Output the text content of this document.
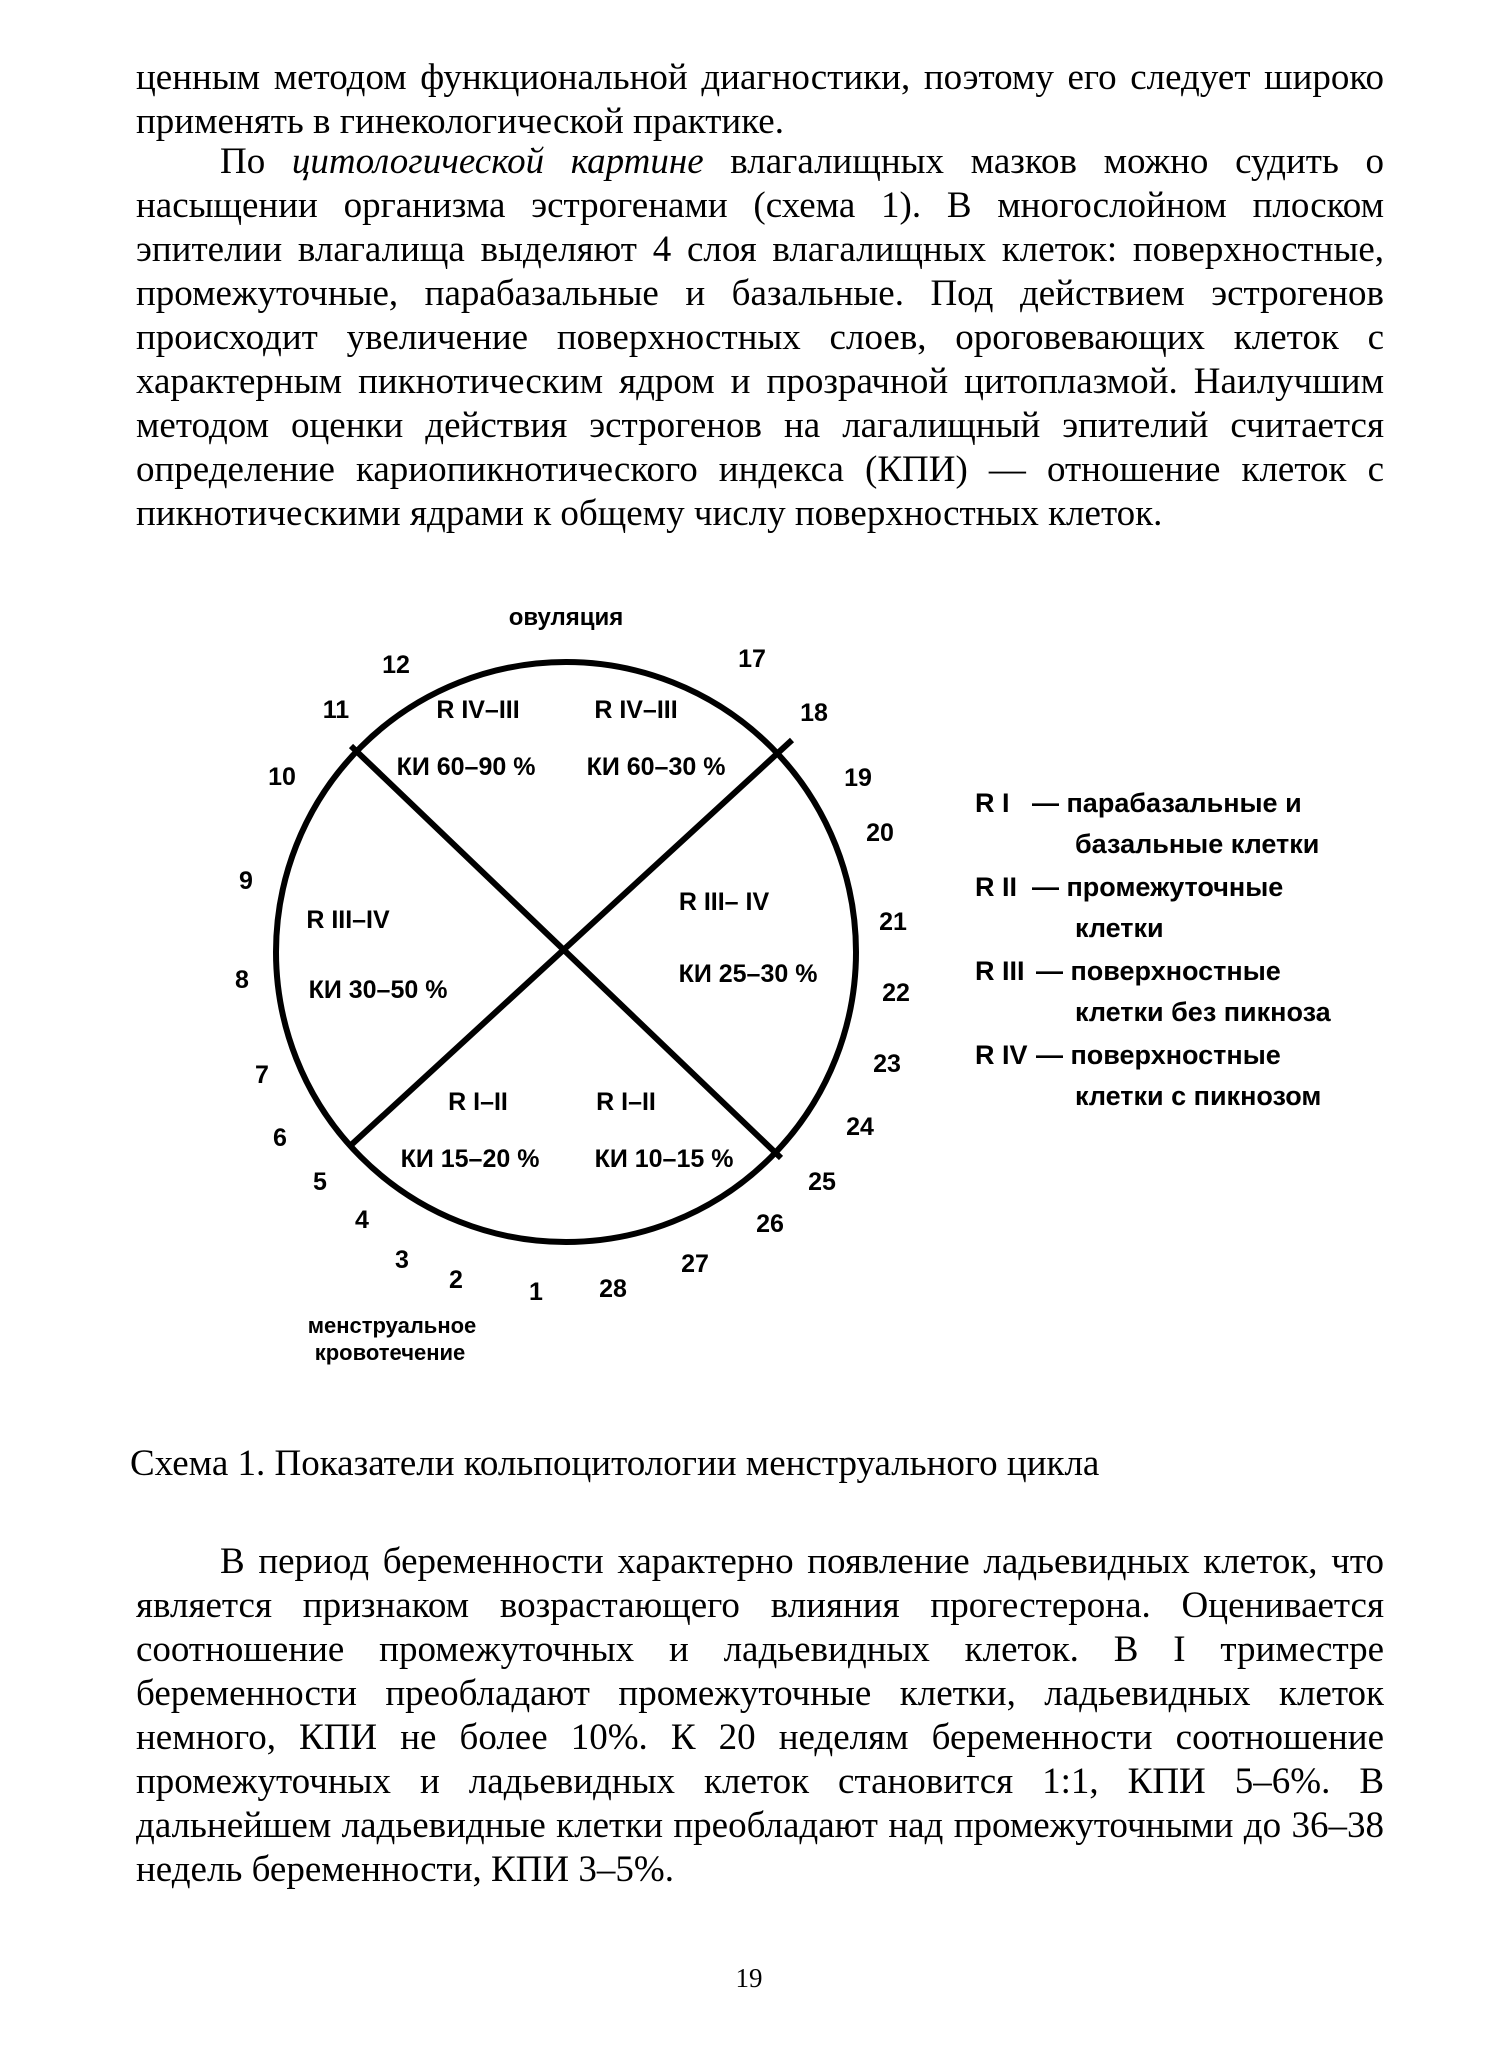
ценным методом функциональной диагностики, поэтому его следует широко применять в гинекологической практике.

По цитологической картине влагалищных мазков можно судить о насыщении организма эстрогенами (схема 1). В многослойном плоском эпителии влагалища выделяют 4 слоя влагалищных клеток: поверхностные, промежуточные, парабазальные и базальные. Под действием эстрогенов происходит увеличение поверхностных слоев, ороговевающих клеток с характерным пикнотическим ядром и прозрачной цитоплазмой. Наилучшим методом оценки действия эстрогенов на лагалищный эпителий считается определение кариопикнотического индекса (КПИ) — отношение клеток с пикнотическими ядрами к общему числу поверхностных клеток.

овуляция
менструальное
кровотечение
1
2
3
4
5
6
7
8
9
10
11
12	17
18
19
20
21
22
23
24
25
26
27
28
R IV–III
КИ 60–90 %
R IV–III
КИ 60–30 %
R III–IV
КИ 30–50 %
R III– IV
КИ 25–30 %
R I–II
КИ 15–20 %
R I–II
КИ 10–15 %
R I — парабазальные и
базальные клетки
R II — промежуточные
клетки
R III — поверхностные
клетки без пикноза
R IV — поверхностные
клетки с пикнозом
Схема 1. Показатели кольпоцитологии менструального цикла

В период беременности характерно появление ладьевидных клеток, что является признаком возрастающего влияния прогестерона. Оценивается соотношение промежуточных и ладьевидных клеток. В I триместре беременности преобладают промежуточные клетки, ладьевидных клеток немного, КПИ не более 10%. К 20 неделям беременности соотношение промежуточных и ладьевидных клеток становится 1:1, КПИ 5–6%. В дальнейшем ладьевидные клетки преобладают над промежуточными до 36–38 недель беременности, КПИ 3–5%.

19
